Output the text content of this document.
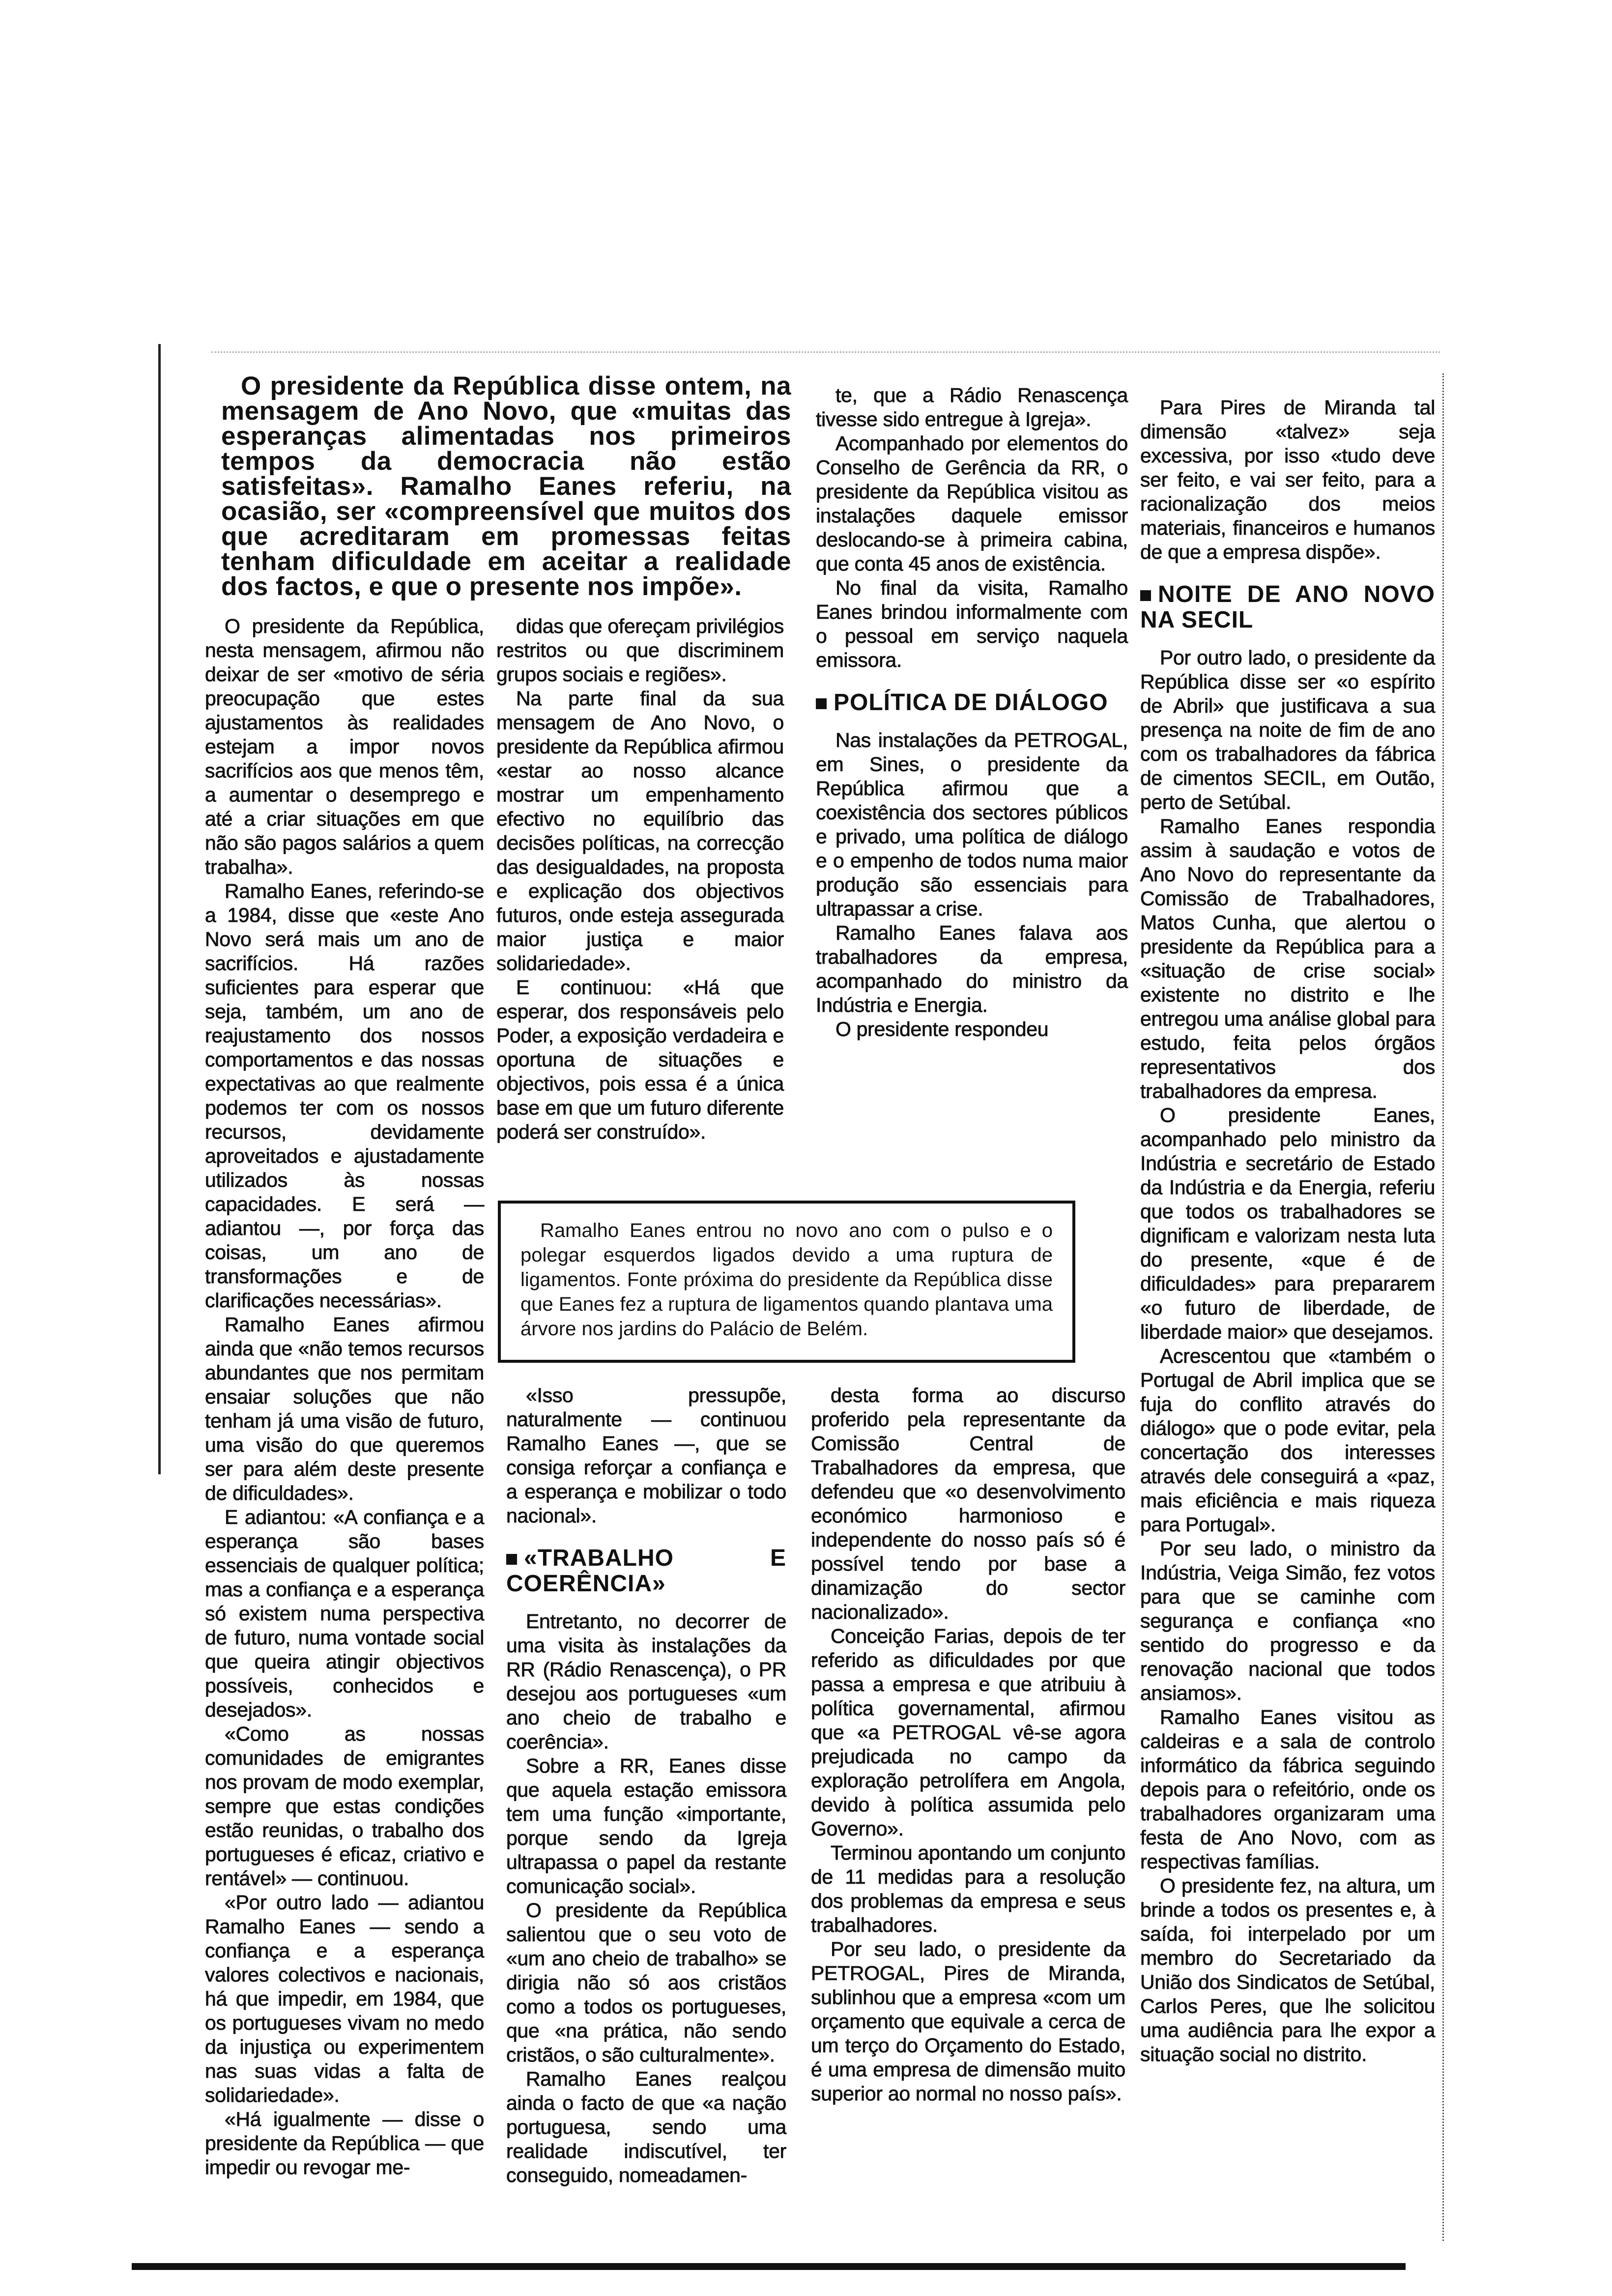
O presidente da República disse ontem, na mensagem de Ano Novo, que «muitas das esperanças alimentadas nos primeiros tempos da democracia não estão satisfeitas». Ramalho Eanes referiu, na ocasião, ser «compreensível que muitos dos que acreditaram em promessas feitas tenham dificuldade em aceitar a realidade dos factos, e que o presente nos impõe».

O presidente da República, nesta mensagem, afirmou não deixar de ser «motivo de séria preocupação que estes ajustamentos às realidades estejam a impor novos sacrifícios aos que menos têm, a aumentar o desemprego e até a criar situações em que não são pagos salários a quem trabalha».

Ramalho Eanes, referindo-se a 1984, disse que «este Ano Novo será mais um ano de sacrifícios. Há razões suficientes para esperar que seja, também, um ano de reajustamento dos nossos comportamentos e das nossas expectativas ao que realmente podemos ter com os nossos recursos, devidamente aproveitados e ajustadamente utilizados às nossas capacidades. E será — adiantou —, por força das coisas, um ano de transformações e de clarificações necessárias».

Ramalho Eanes afirmou ainda que «não temos recursos abundantes que nos permitam ensaiar soluções que não tenham já uma visão de futuro, uma visão do que queremos ser para além deste presente de dificuldades».

E adiantou: «A confiança e a esperança são bases essenciais de qualquer política; mas a confiança e a esperança só existem numa perspectiva de futuro, numa vontade social que queira atingir objectivos possíveis, conhecidos e desejados».

«Como as nossas comunidades de emigrantes nos provam de modo exemplar, sempre que estas condições estão reunidas, o trabalho dos portugueses é eficaz, criativo e rentável» — continuou.

«Por outro lado — adiantou Ramalho Eanes — sendo a confiança e a esperança valores colectivos e nacionais, há que impedir, em 1984, que os portugueses vivam no medo da injustiça ou experimentem nas suas vidas a falta de solidariedade».

«Há igualmente — disse o presidente da República — que impedir ou revogar me-

didas que ofereçam privilégios restritos ou que discriminem grupos sociais e regiões».

Na parte final da sua mensagem de Ano Novo, o presidente da República afirmou «estar ao nosso alcance mostrar um empenhamento efectivo no equilíbrio das decisões políticas, na correcção das desigualdades, na proposta e explicação dos objectivos futuros, onde esteja assegurada maior justiça e maior solidariedade».

E continuou: «Há que esperar, dos responsáveis pelo Poder, a exposição verdadeira e oportuna de situações e objectivos, pois essa é a única base em que um futuro diferente poderá ser construído».

Ramalho Eanes entrou no novo ano com o pulso e o polegar esquerdos ligados devido a uma ruptura de ligamentos. Fonte próxima do presidente da República disse que Eanes fez a ruptura de ligamentos quando plantava uma árvore nos jardins do Palácio de Belém.

«Isso pressupõe, naturalmente — continuou Ramalho Eanes —, que se consiga reforçar a confiança e a esperança e mobilizar o todo nacional».

«TRABALHO E COERÊNCIA»

Entretanto, no decorrer de uma visita às instalações da RR (Rádio Renascença), o PR desejou aos portugueses «um ano cheio de trabalho e coerência».

Sobre a RR, Eanes disse que aquela estação emissora tem uma função «importante, porque sendo da Igreja ultrapassa o papel da restante comunicação social».

O presidente da República salientou que o seu voto de «um ano cheio de trabalho» se dirigia não só aos cristãos como a todos os portugueses, que «na prática, não sendo cristãos, o são culturalmente».

Ramalho Eanes realçou ainda o facto de que «a nação portuguesa, sendo uma realidade indiscutível, ter conseguido, nomeadamen-

te, que a Rádio Renascença tivesse sido entregue à Igreja».

Acompanhado por elementos do Conselho de Gerência da RR, o presidente da República visitou as instalações daquele emissor deslocando-se à primeira cabina, que conta 45 anos de existência.

No final da visita, Ramalho Eanes brindou informalmente com o pessoal em serviço naquela emissora.

POLÍTICA DE DIÁLOGO

Nas instalações da PETROGAL, em Sines, o presidente da República afirmou que a coexistência dos sectores públicos e privado, uma política de diálogo e o empenho de todos numa maior produção são essenciais para ultrapassar a crise.

Ramalho Eanes falava aos trabalhadores da empresa, acompanhado do ministro da Indústria e Energia.

O presidente respondeu

desta forma ao discurso proferido pela representante da Comissão Central de Trabalhadores da empresa, que defendeu que «o desenvolvimento económico harmonioso e independente do nosso país só é possível tendo por base a dinamização do sector nacionalizado».

Conceição Farias, depois de ter referido as dificuldades por que passa a empresa e que atribuiu à política governamental, afirmou que «a PETROGAL vê-se agora prejudicada no campo da exploração petrolífera em Angola, devido à política assumida pelo Governo».

Terminou apontando um conjunto de 11 medidas para a resolução dos problemas da empresa e seus trabalhadores.

Por seu lado, o presidente da PETROGAL, Pires de Miranda, sublinhou que a empresa «com um orçamento que equivale a cerca de um terço do Orçamento do Estado, é uma empresa de dimensão muito superior ao normal no nosso país».

Para Pires de Miranda tal dimensão «talvez» seja excessiva, por isso «tudo deve ser feito, e vai ser feito, para a racionalização dos meios materiais, financeiros e humanos de que a empresa dispõe».

NOITE DE ANO NOVO NA SECIL

Por outro lado, o presidente da República disse ser «o espírito de Abril» que justificava a sua presença na noite de fim de ano com os trabalhadores da fábrica de cimentos SECIL, em Outão, perto de Setúbal.

Ramalho Eanes respondia assim à saudação e votos de Ano Novo do representante da Comissão de Trabalhadores, Matos Cunha, que alertou o presidente da República para a «situação de crise social» existente no distrito e lhe entregou uma análise global para estudo, feita pelos órgãos representativos dos trabalhadores da empresa.

O presidente Eanes, acompanhado pelo ministro da Indústria e secretário de Estado da Indústria e da Energia, referiu que todos os trabalhadores se dignificam e valorizam nesta luta do presente, «que é de dificuldades» para prepararem «o futuro de liberdade, de liberdade maior» que desejamos.

Acrescentou que «também o Portugal de Abril implica que se fuja do conflito através do diálogo» que o pode evitar, pela concertação dos interesses através dele conseguirá a «paz, mais eficiência e mais riqueza para Portugal».

Por seu lado, o ministro da Indústria, Veiga Simão, fez votos para que se caminhe com segurança e confiança «no sentido do progresso e da renovação nacional que todos ansiamos».

Ramalho Eanes visitou as caldeiras e a sala de controlo informático da fábrica seguindo depois para o refeitório, onde os trabalhadores organizaram uma festa de Ano Novo, com as respectivas famílias.

O presidente fez, na altura, um brinde a todos os presentes e, à saída, foi interpelado por um membro do Secretariado da União dos Sindicatos de Setúbal, Carlos Peres, que lhe solicitou uma audiência para lhe expor a situação social no distrito.
